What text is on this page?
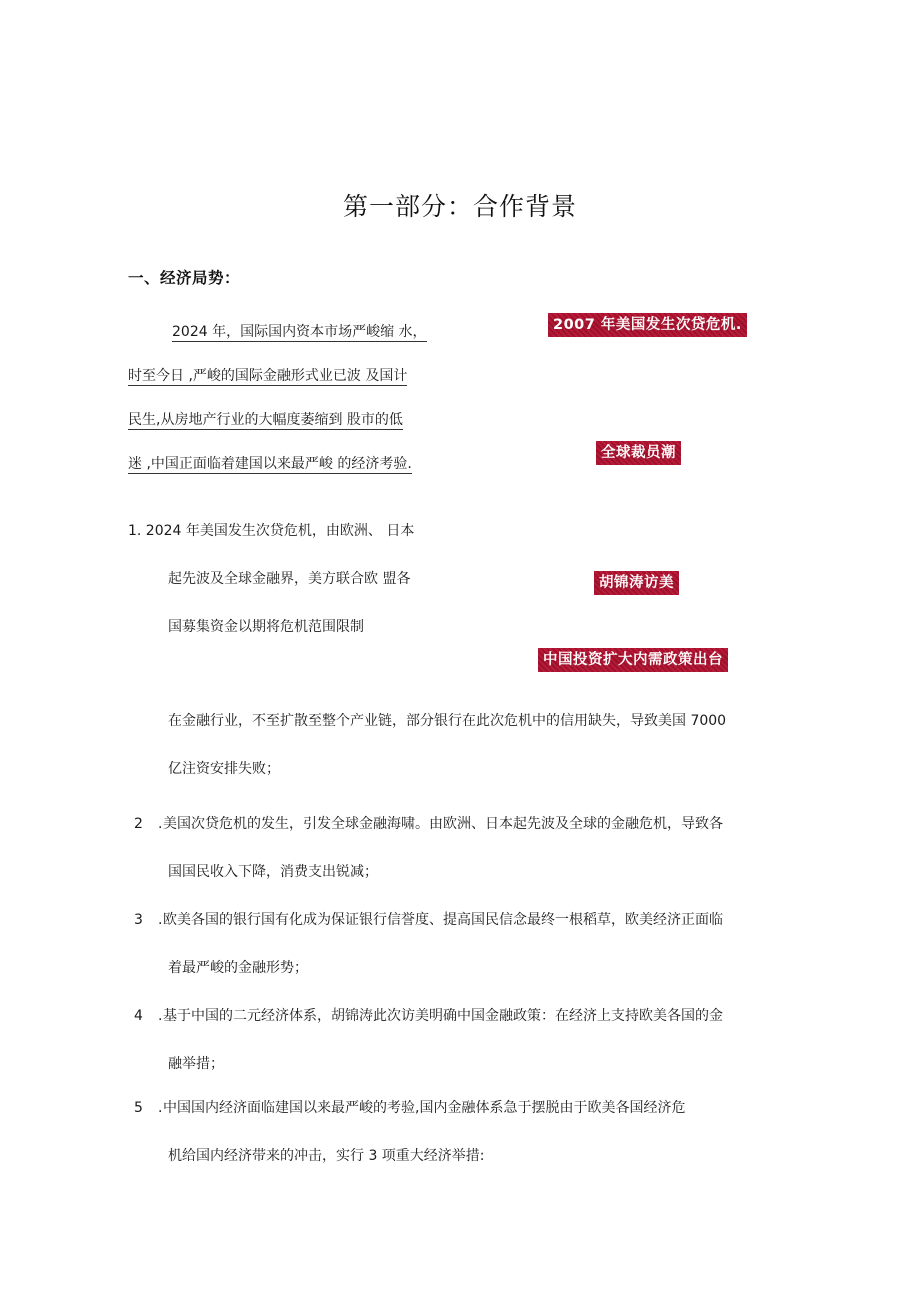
第一部分：合作背景
一、经济局势：
2024 年，国际国内资本市场严峻缩 水，
时至今日 ,严峻的国际金融形式业已波 及国计
民生,从房地产行业的大幅度萎缩到 股市的低
迷 ,中国正面临着建国以来最严峻 的经济考验.
2007 年美国发生次贷危机.
全球裁员潮
胡锦涛访美
中国投资扩大内需政策出台
1. 2024 年美国发生次贷危机，由欧洲、 日本
起先波及全球金融界，美方联合欧 盟各
国募集资金以期将危机范围限制
在金融行业，不至扩散至整个产业链，部分银行在此次危机中的信用缺失，导致美国 7000
亿注资安排失败；
2 . 美国次贷危机的发生，引发全球金融海啸。由欧洲、日本起先波及全球的金融危机，导致各
国国民收入下降，消费支出锐减；
3 . 欧美各国的银行国有化成为保证银行信誉度、提高国民信念最终一根稻草，欧美经济正面临
着最严峻的金融形势；
4 . 基于中国的二元经济体系，胡锦涛此次访美明确中国金融政策：在经济上支持欧美各国的金
融举措；
5 . 中国国内经济面临建国以来最严峻的考验,国内金融体系急于摆脱由于欧美各国经济危
机给国内经济带来的冲击，实行 3 项重大经济举措:
